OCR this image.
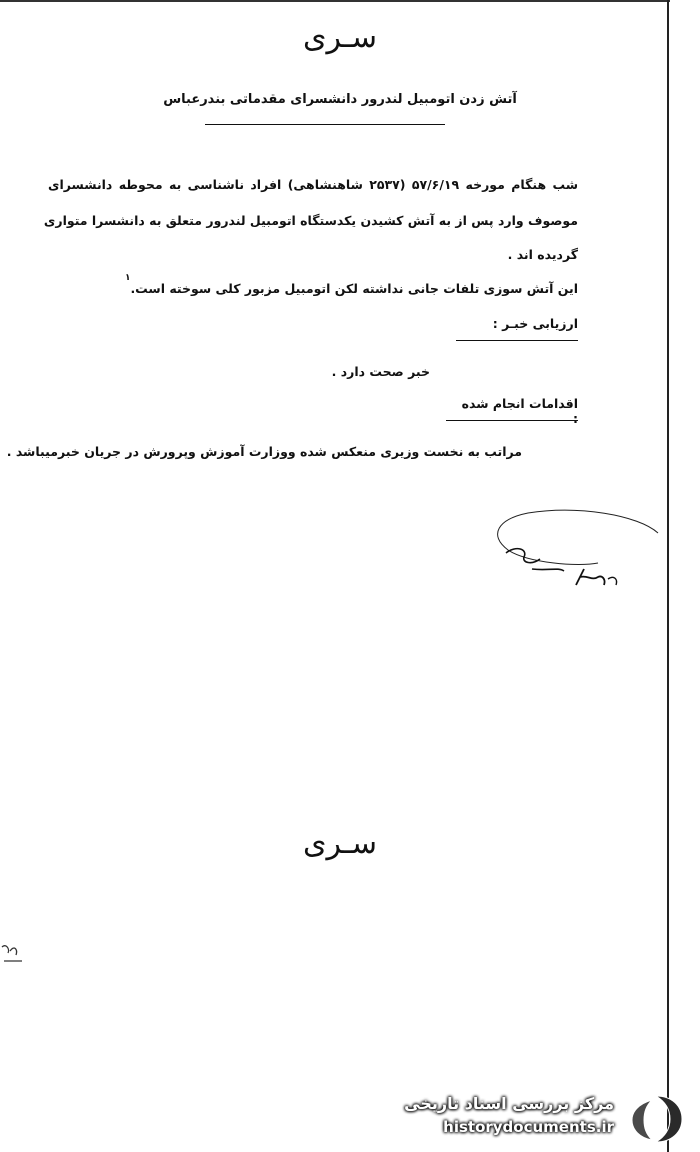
سـری
آتش زدن اتومبیل لندرور دانشسرای مقدماتی بندرعباس
شب هنگام مورخه ۵۷/۶/۱۹ (۲۵۳۷ شاهنشاهی) افراد ناشناسی به محوطه دانشسرای
موصوف وارد پس از به آتش کشیدن یکدستگاه اتومبیل لندرور متعلق به دانشسرا متواری
گردیده اند .
این آتش سوزی تلفات جانی نداشته لکن اتومبیل مزبور کلی سوخته است.$^۱$
ارزیابی خبـر :
خبر صحت دارد .
اقدامات انجام شده :
مراتب به نخست وزیری منعکس شده ووزارت آموزش وپرورش در جریان خبرمیباشد .
سـری
مرکز بررسی اسناد تاریخی
historydocuments.ir
